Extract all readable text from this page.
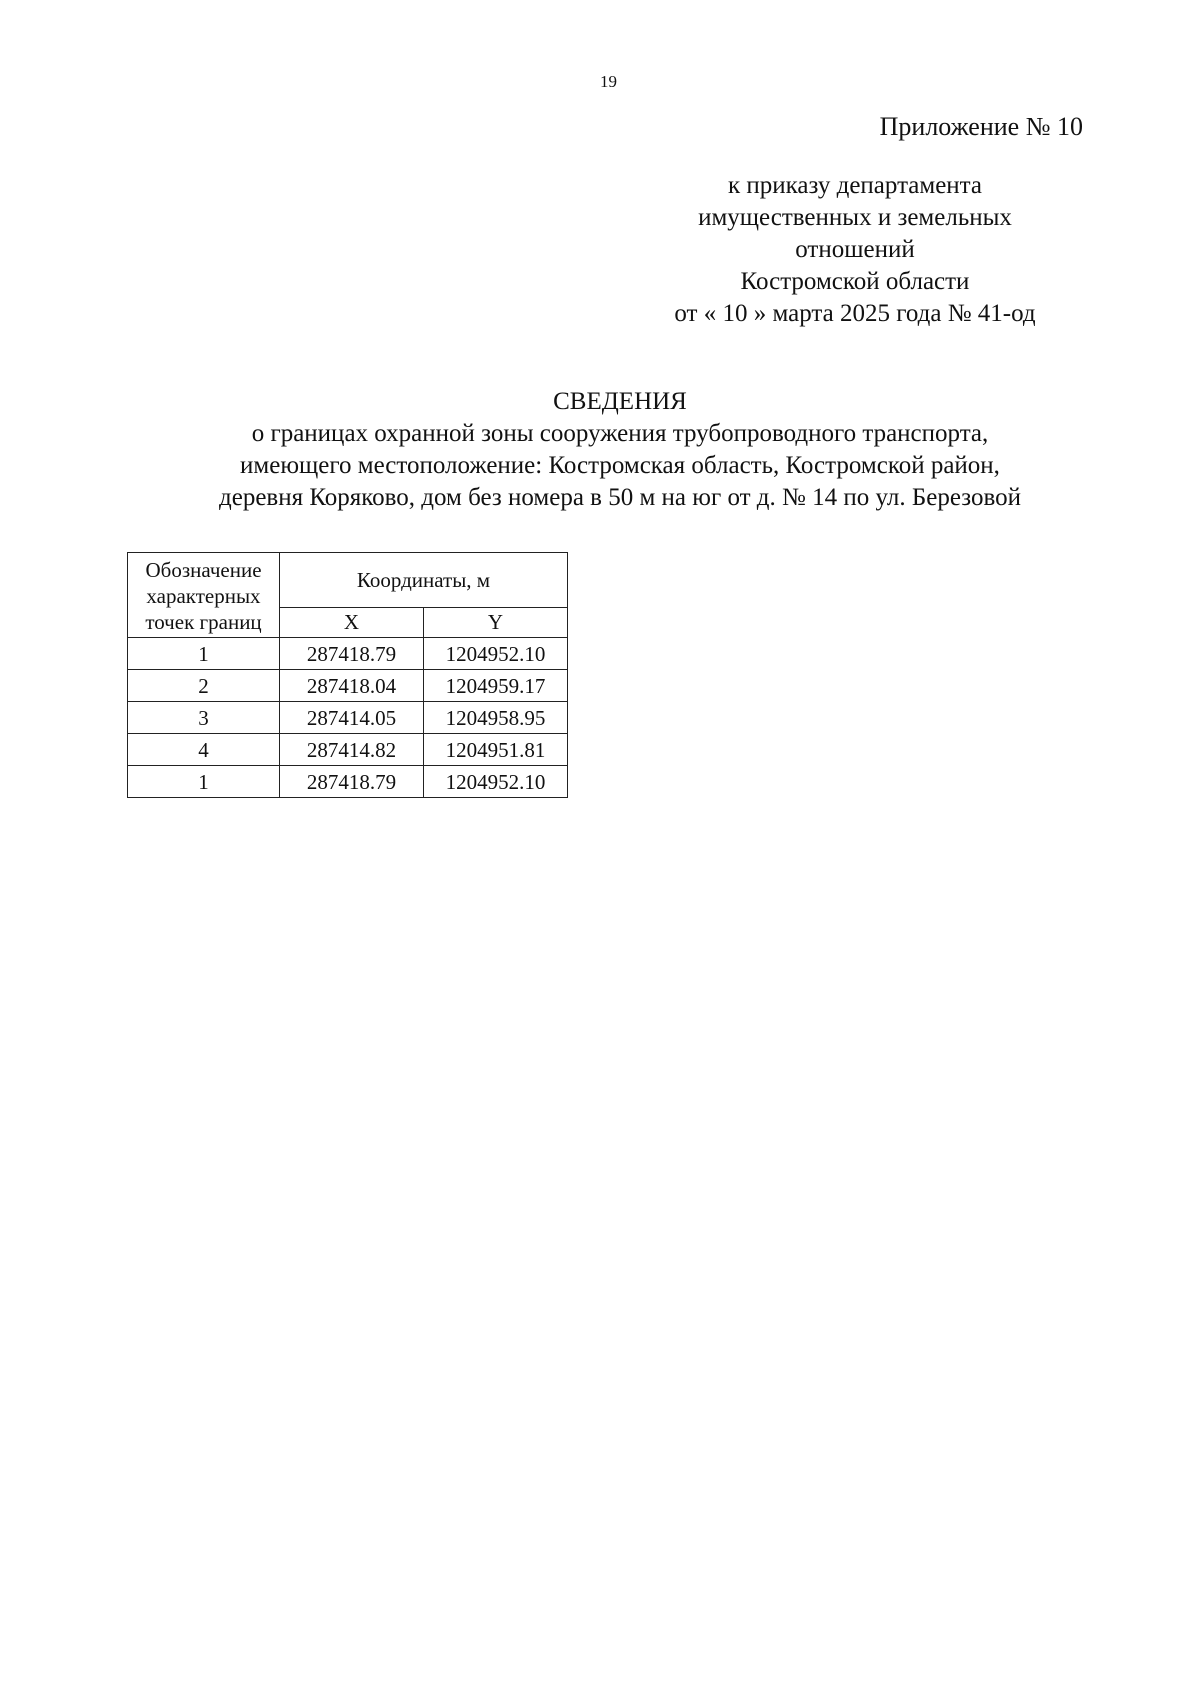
19
Приложение № 10
к приказу департамента
имущественных и земельных
отношений
Костромской области
от « 10 » марта 2025 года № 41-од
СВЕДЕНИЯ
о границах охранной зоны сооружения трубопроводного транспорта,
имеющего местоположение: Костромская область, Костромской район,
деревня Коряково, дом без номера в 50 м на юг от д. № 14 по ул. Березовой
Обозначение
характерных
точек границ	Координаты, м	
	X	Y
1	287418.79	1204952.10
2	287418.04	1204959.17
3	287414.05	1204958.95
4	287414.82	1204951.81
1	287418.79	1204952.10
